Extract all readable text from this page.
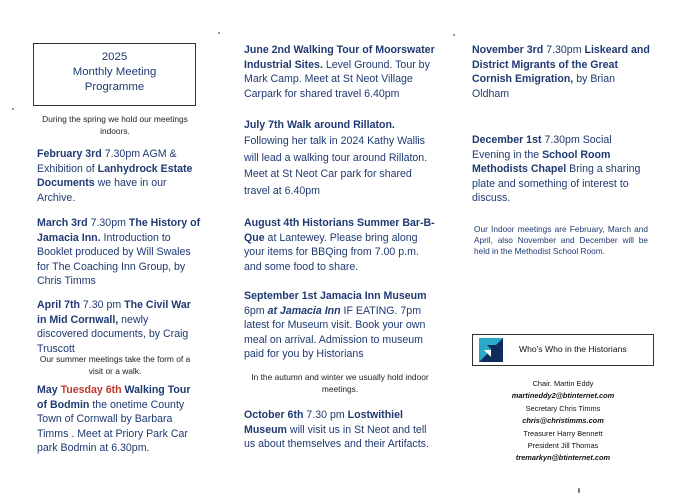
2025
Monthly Meeting
Programme

During the spring we hold our meetings indoors.

February 3rd 7.30pm AGM & Exhibition of Lanhydrock Estate Documents we have in our Archive.

March 3rd 7.30pm The History of Jamacia Inn. Introduction to Booklet produced by Will Swales for The Coaching Inn Group, by Chris Timms

April 7th 7.30 pm The Civil War in Mid Cornwall, newly discovered documents, by Craig Truscott

Our summer meetings take the form of a visit or a walk.

May Tuesday 6th Walking Tour of Bodmin the onetime County Town of Cornwall by Barbara Timms . Meet at Priory Park Car park Bodmin at 6.30pm.

June 2nd Walking Tour of Moorswater Industrial Sites. Level Ground. Tour by Mark Camp. Meet at St Neot Village Carpark for shared travel 6.40pm

July 7th Walk around Rillaton.
Following her talk in 2024 Kathy Wallis will lead a walking tour around Rillaton. Meet at St Neot Car park for shared travel at 6.40pm

August 4th Historians Summer Bar-B-Que at Lantewey. Please bring along your items for BBQing from 7.00 p.m. and some food to share.

September 1st Jamacia Inn Museum 6pm at Jamacia Inn IF EATING. 7pm latest for Museum visit. Book your own meal on arrival. Admission to museum paid for you by Historians

In the autumn and winter we usually hold indoor meetings.

October 6th 7.30 pm Lostwithiel Museum will visit us in St Neot and tell us about themselves and their Artifacts.

November 3rd 7.30pm Liskeard and District Migrants of the Great Cornish Emigration, by Brian Oldham

December 1st 7.30pm Social Evening in the School Room Methodists Chapel Bring a sharing plate and something of interest to discuss.

Our Indoor meetings are February, March and April, also November and December will be held in the Methodist School Room.

Who's Who in the Historians
Chair. Martin Eddy
martineddy2@btinternet.com
Secretary Chris Timms
chris@christimms.com
Treasurer Harry Bennett
President Jill Thomas
tremarkyn@btinternet.com
